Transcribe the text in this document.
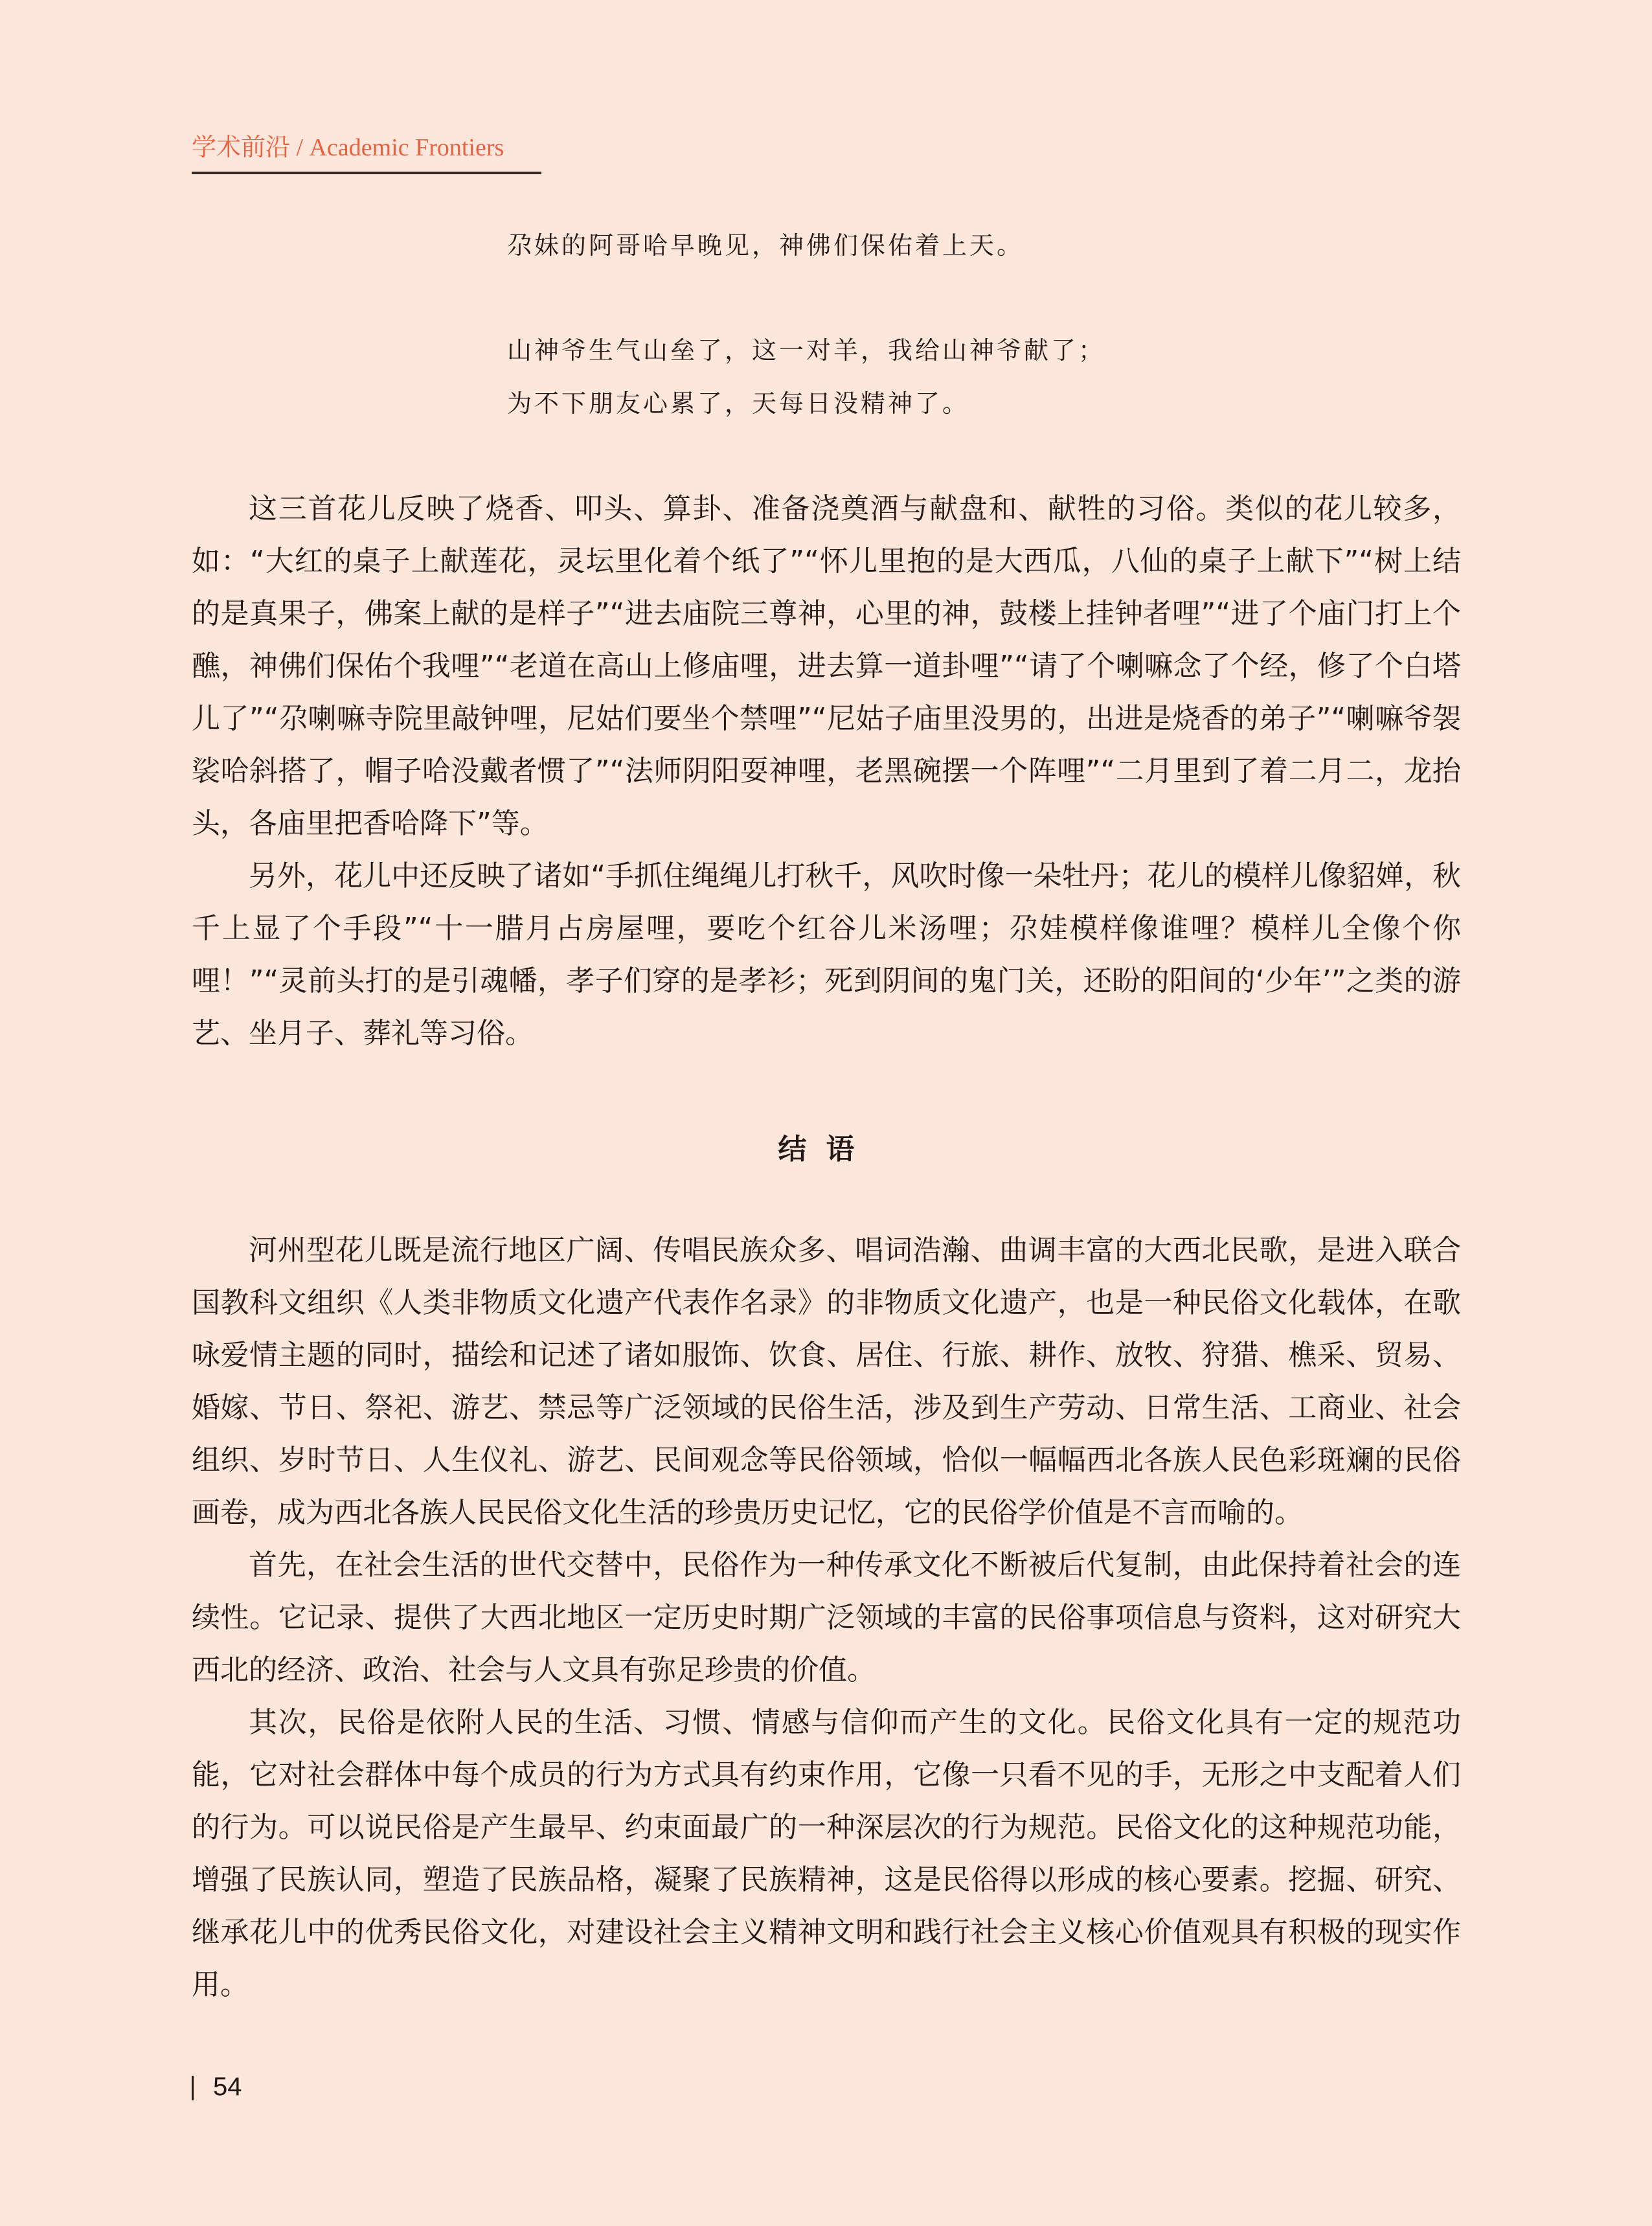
学术前沿 / Academic Frontiers
尕妹的阿哥哈早晚见，神佛们保佑着上天。
山神爷生气山垒了，这一对羊，我给山神爷献了；
为不下朋友心累了，天每日没精神了。

这三首花儿反映了烧香、叩头、算卦、准备浇奠酒与献盘和、献牲的习俗。类似的花儿较多，如：“大红的桌子上献莲花，灵坛里化着个纸了”“怀儿里抱的是大西瓜，八仙的桌子上献下”“树上结的是真果子，佛案上献的是样子”“进去庙院三尊神，心里的神，鼓楼上挂钟者哩”“进了个庙门打上个醮，神佛们保佑个我哩”“老道在高山上修庙哩，进去算一道卦哩”“请了个喇嘛念了个经，修了个白塔儿了”“尕喇嘛寺院里敲钟哩，尼姑们要坐个禁哩”“尼姑子庙里没男的，出进是烧香的弟子”“喇嘛爷袈裟哈斜搭了，帽子哈没戴者惯了”“法师阴阳耍神哩，老黑碗摆一个阵哩”“二月里到了着二月二，龙抬头，各庙里把香哈降下”等。

另外，花儿中还反映了诸如“手抓住绳绳儿打秋千，风吹时像一朵牡丹；花儿的模样儿像貂婵，秋千上显了个手段”“十一腊月占房屋哩，要吃个红谷儿米汤哩；尕娃模样像谁哩？模样儿全像个你哩！”“灵前头打的是引魂幡，孝子们穿的是孝衫；死到阴间的鬼门关，还盼的阳间的‘少年’”之类的游艺、坐月子、葬礼等习俗。

结语

河州型花儿既是流行地区广阔、传唱民族众多、唱词浩瀚、曲调丰富的大西北民歌，是进入联合国教科文组织《人类非物质文化遗产代表作名录》的非物质文化遗产，也是一种民俗文化载体，在歌咏爱情主题的同时，描绘和记述了诸如服饰、饮食、居住、行旅、耕作、放牧、狩猎、樵采、贸易、婚嫁、节日、祭祀、游艺、禁忌等广泛领域的民俗生活，涉及到生产劳动、日常生活、工商业、社会组织、岁时节日、人生仪礼、游艺、民间观念等民俗领域，恰似一幅幅西北各族人民色彩斑斓的民俗画卷，成为西北各族人民民俗文化生活的珍贵历史记忆，它的民俗学价值是不言而喻的。

首先，在社会生活的世代交替中，民俗作为一种传承文化不断被后代复制，由此保持着社会的连续性。它记录、提供了大西北地区一定历史时期广泛领域的丰富的民俗事项信息与资料，这对研究大西北的经济、政治、社会与人文具有弥足珍贵的价值。

其次，民俗是依附人民的生活、习惯、情感与信仰而产生的文化。民俗文化具有一定的规范功能，它对社会群体中每个成员的行为方式具有约束作用，它像一只看不见的手，无形之中支配着人们的行为。可以说民俗是产生最早、约束面最广的一种深层次的行为规范。民俗文化的这种规范功能，增强了民族认同，塑造了民族品格，凝聚了民族精神，这是民俗得以形成的核心要素。挖掘、研究、继承花儿中的优秀民俗文化，对建设社会主义精神文明和践行社会主义核心价值观具有积极的现实作用。

54
